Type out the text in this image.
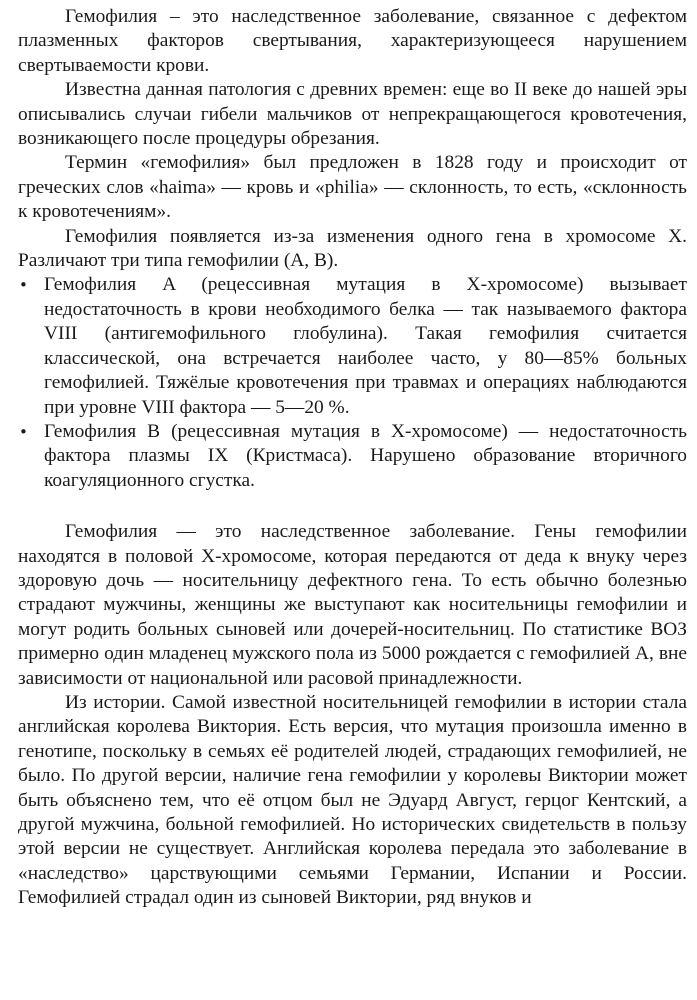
Гемофилия – это наследственное заболевание, связанное с дефектом плазменных факторов свертывания, характеризующееся нарушением свертываемости крови.

Известна данная патология с древних времен: еще во II веке до нашей эры описывались случаи гибели мальчиков от непрекращающегося кровотечения, возникающего после процедуры обрезания.

Термин «гемофилия» был предложен в 1828 году и происходит от греческих слов «haima» — кровь и «philia» — склонность, то есть, «склонность к кровотечениям».

Гемофилия появляется из-за изменения одного гена в хромосоме X. Различают три типа гемофилии (A, B).

• Гемофилия A (рецессивная мутация в X-хромосоме) вызывает недостаточность в крови необходимого белка — так называемого фактора VIII (антигемофильного глобулина). Такая гемофилия считается классической, она встречается наиболее часто, у 80—85% больных гемофилией. Тяжёлые кровотечения при травмах и операциях наблюдаются при уровне VIII фактора — 5—20 %.
• Гемофилия B (рецессивная мутация в X-хромосоме) — недостаточность фактора плазмы IX (Кристмаса). Нарушено образование вторичного коагуляционного сгустка.

Гемофилия — это наследственное заболевание. Гены гемофилии находятся в половой Х-хромосоме, которая передаются от деда к внуку через здоровую дочь — носительницу дефектного гена. То есть обычно болезнью страдают мужчины, женщины же выступают как носительницы гемофилии и могут родить больных сыновей или дочерей-носительниц. По статистике ВОЗ примерно один младенец мужского пола из 5000 рождается с гемофилией А, вне зависимости от национальной или расовой принадлежности.

Из истории. Самой известной носительницей гемофилии в истории стала английская королева Виктория. Есть версия, что мутация произошла именно в генотипе, поскольку в семьях её родителей людей, страдающих гемофилией, не было. По другой версии, наличие гена гемофилии у королевы Виктории может быть объяснено тем, что её отцом был не Эдуард Август, герцог Кентский, а другой мужчина, больной гемофилией. Но исторических свидетельств в пользу этой версии не существует. Английская королева передала это заболевание в «наследство» царствующими семьями Германии, Испании и России. Гемофилией страдал один из сыновей Виктории, ряд внуков и
